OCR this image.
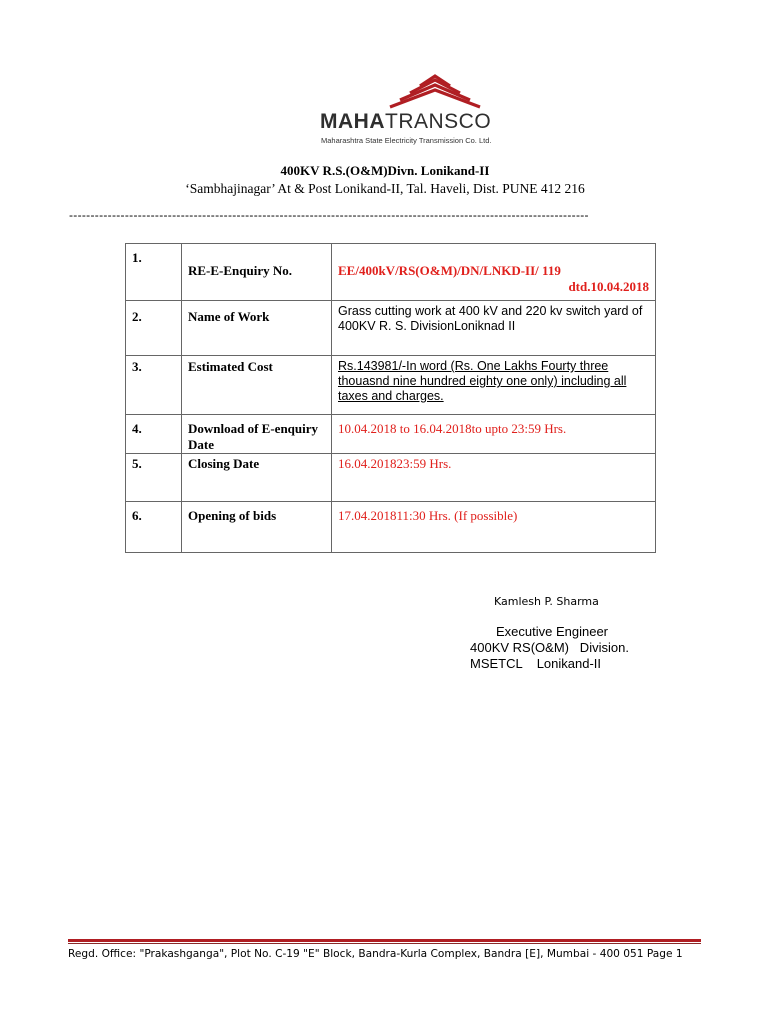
MAHATRANSCO
Maharashtra State Electricity Transmission Co. Ltd.
400KV R.S.(O&M)Divn. Lonikand-II
‘Sambhajinagar’ At & Post Lonikand-II, Tal. Haveli, Dist. PUNE 412 216
-------------------------------------------------------------------------------------------------------------------------
1.	RE-E-Enquiry No.	EE/400kV/RS(O&M)/DN/LNKD-II/ 119
dtd.10.04.2018

2.	Name of Work	Grass cutting work at 400 kV and 220 kv switch yard of 400KV R. S. DivisionLoniknad II
3.	Estimated Cost	Rs.143981/-In word (Rs. One Lakhs Fourty three thouasnd nine hundred eighty one only) including all taxes and charges.
4.	Download of E-enquiry Date	10.04.2018 to 16.04.2018to upto 23:59 Hrs.
5.	Closing Date	16.04.201823:59 Hrs.
6.	Opening of bids	17.04.201811:30 Hrs. (If possible)
Kamlesh P. Sharma
Executive Engineer
400KV RS(O&M)   Division.
MSETCL    Lonikand-II
Regd. Office: "Prakashganga", Plot No. C-19 "E" Block, Bandra-Kurla Complex, Bandra [E], Mumbai - 400 051 Page 1
